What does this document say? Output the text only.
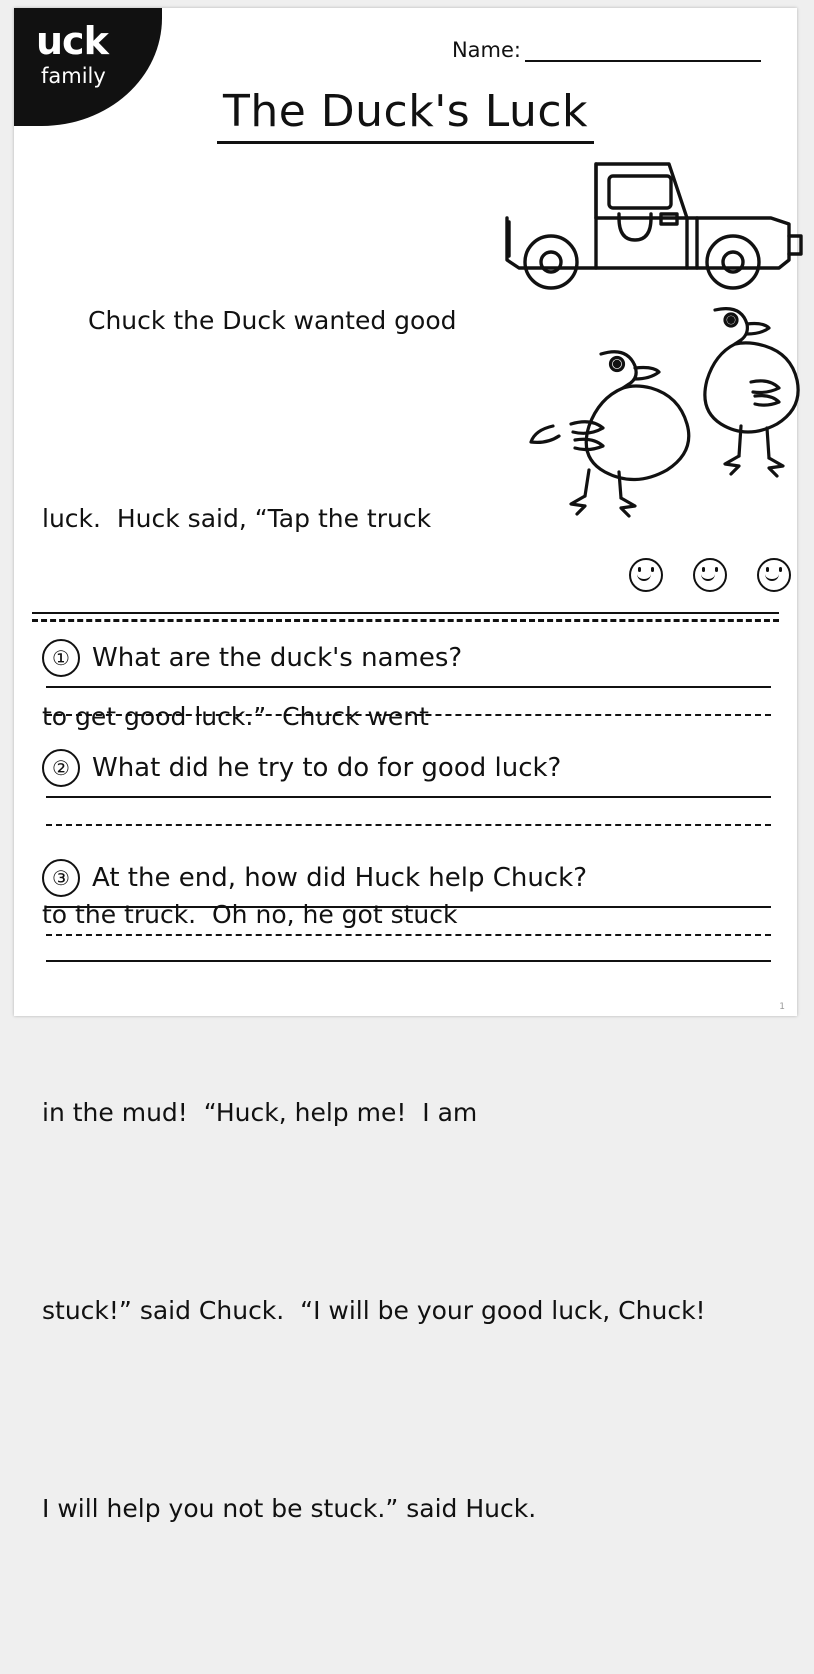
uck
family
Name:
The Duck's Luck

Chuck the Duck wanted good

luck.  Huck said, “Tap the truck

to get good luck.”  Chuck went

to the truck.  Oh no, he got stuck

in the mud!  “Huck, help me!  I am

stuck!” said Chuck.  “I will be your good luck, Chuck!

I will help you not be stuck.” said Huck.

① What are the duck's names?
② What did he try to do for good luck?
③ At the end, how did Huck help Chuck?
1
